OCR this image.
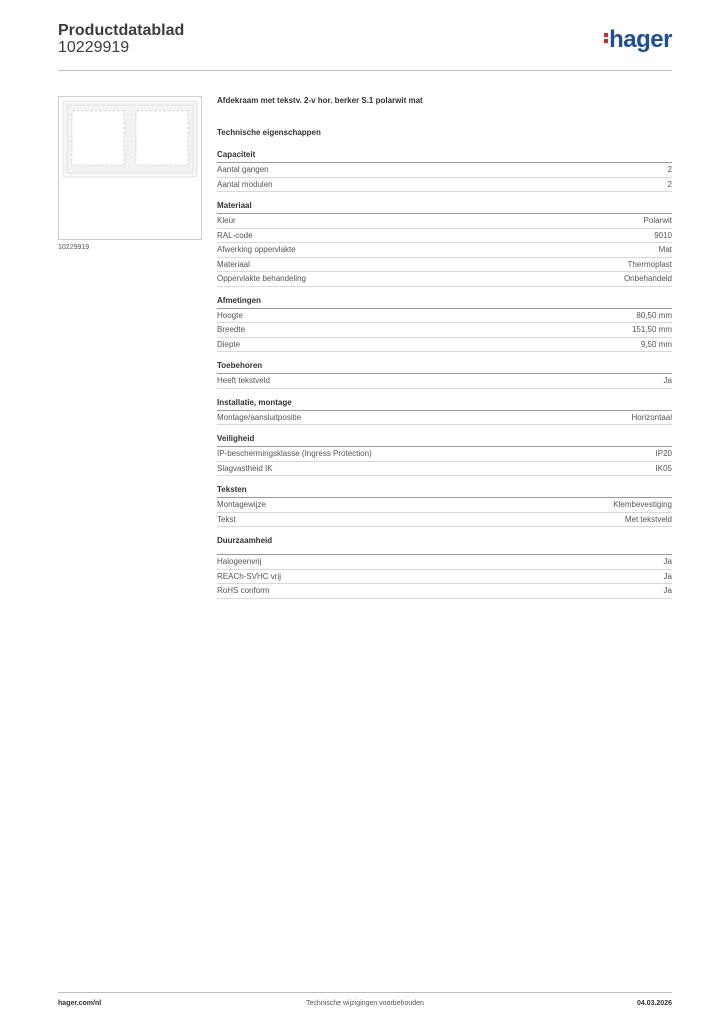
Productdatablad
10229919	hager
10229919
Afdekraam met tekstv. 2-v hor. berker S.1 polarwit mat
Technische eigenschappen
Capaciteit
Aantal gangen	2
Aantal modulen	2
Materiaal
Kleur	Polarwit
RAL-code	9010
Afwerking oppervlakte	Mat
Materiaal	Thermoplast
Oppervlakte behandeling	Onbehandeld
Afmetingen
Hoogte	80,50 mm
Breedte	151,50 mm
Diepte	9,50 mm
Toebehoren
Heeft tekstveld	Ja
Installatie, montage
Montage/aansluitpositie	Horizontaal
Veiligheid
IP-beschermingsklasse (Ingress Protection)	IP20
Slagvastheid IK	IK05
Teksten
Montagewijze	Klembevestiging
Tekst	Met tekstveld
Duurzaamheid
Halogeenvrij	Ja
REACh-SVHC vrij	Ja
RoHS conform	Ja
hager.com/nl	Technische wijzigingen voorbehouden	04.03.2026
